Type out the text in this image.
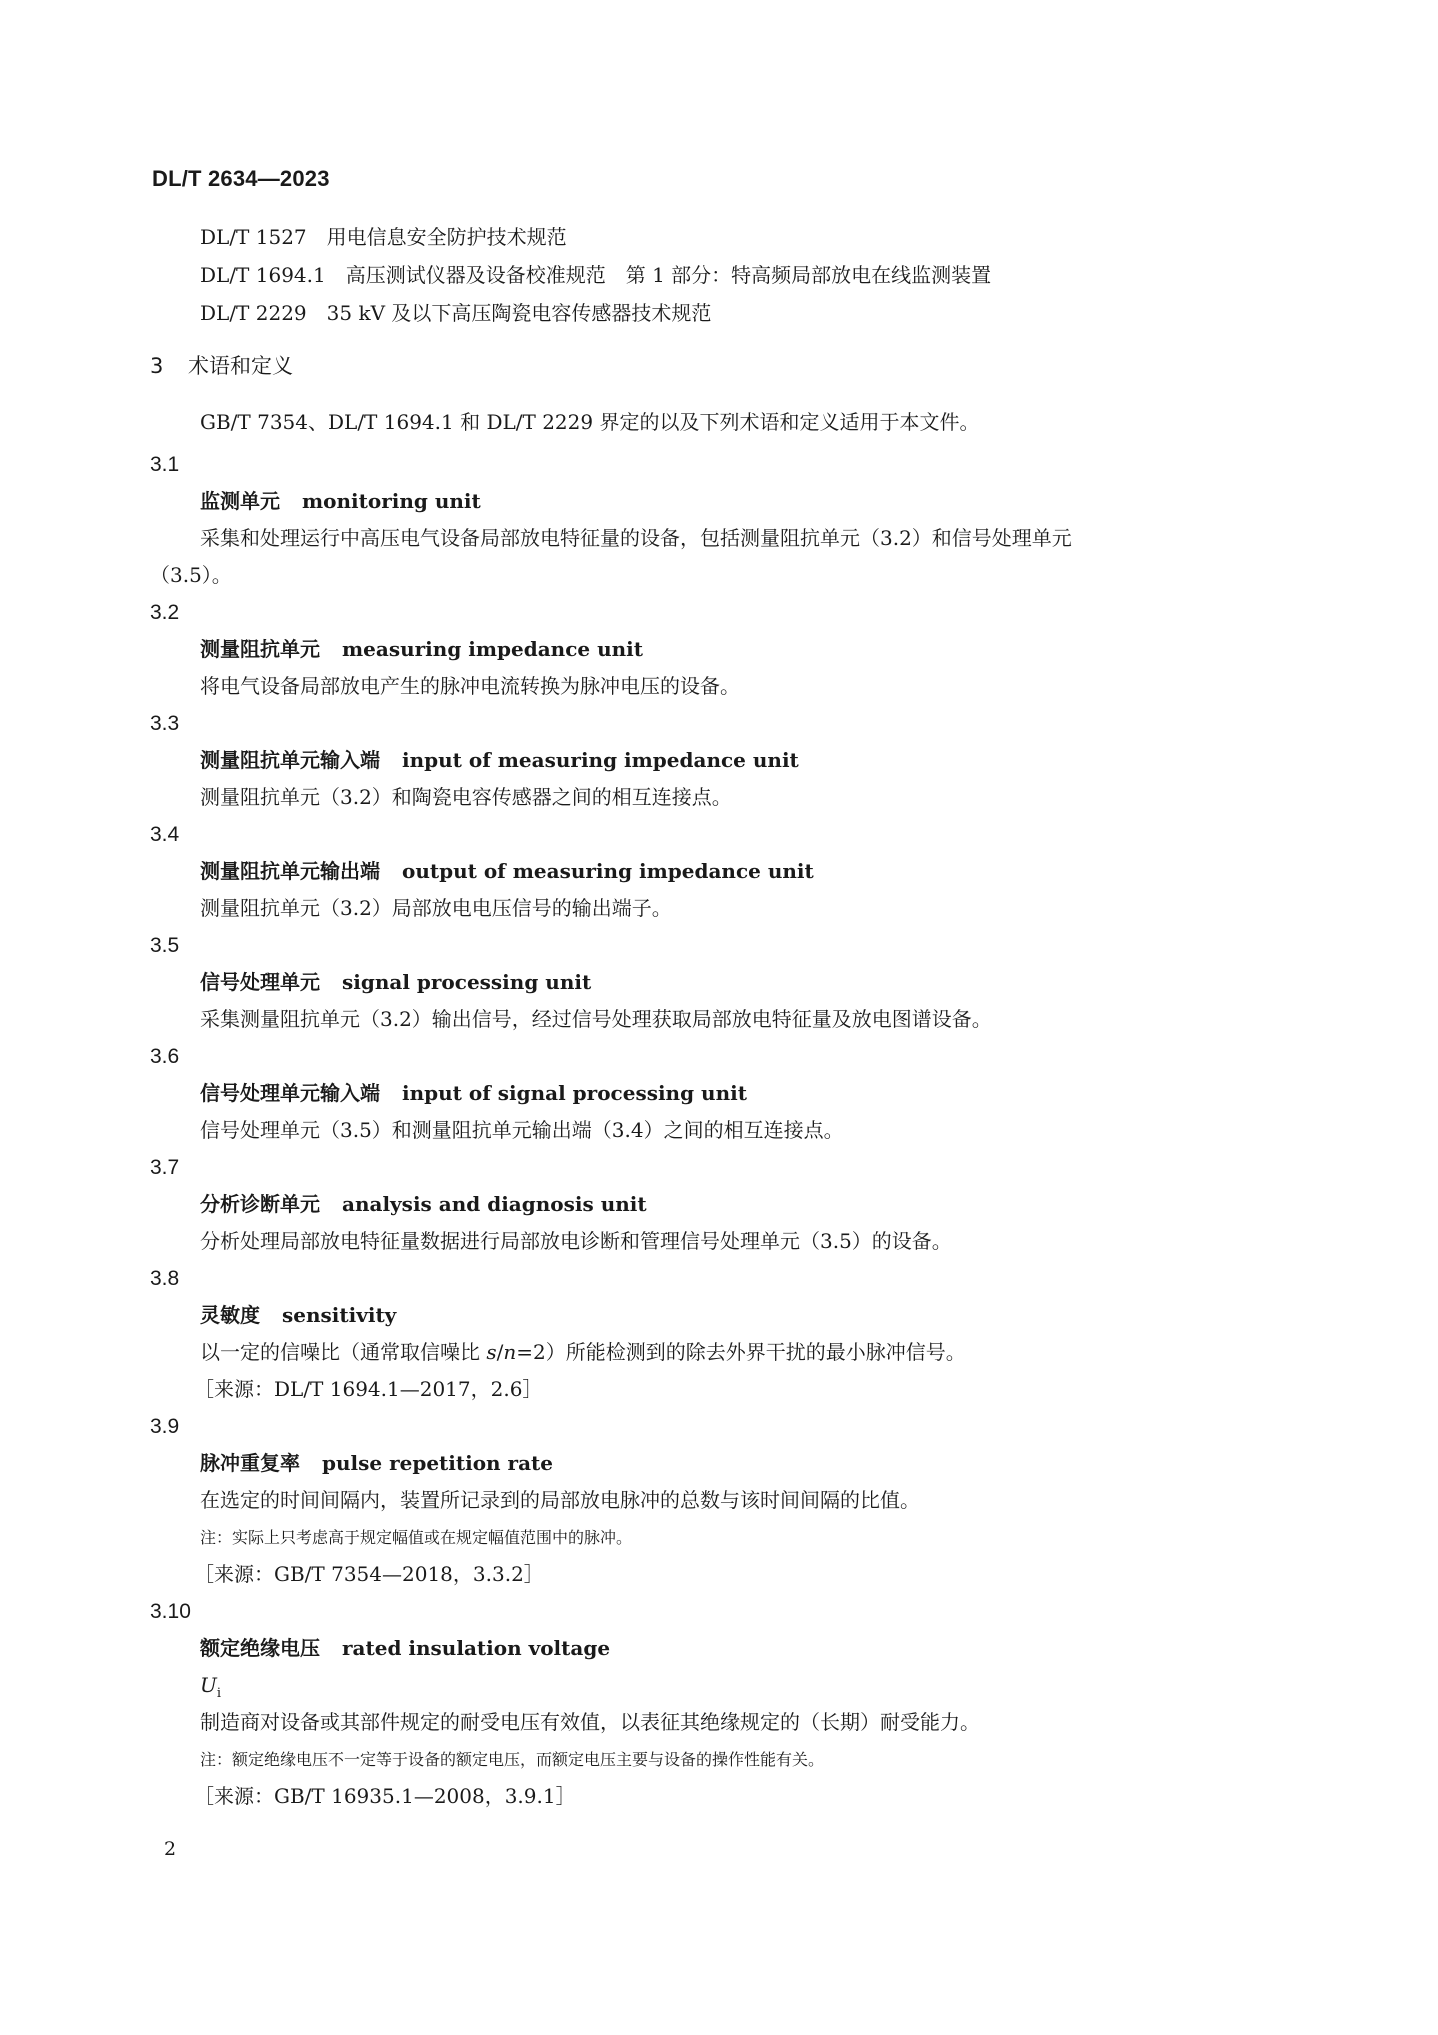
DL/T 2634—2023
DL/T 1527 用电信息安全防护技术规范
DL/T 1694.1 高压测试仪器及设备校准规范　第 1 部分：特高频局部放电在线监测装置
DL/T 2229 35 kV 及以下高压陶瓷电容传感器技术规范
3 术语和定义
GB/T 7354、DL/T 1694.1 和 DL/T 2229 界定的以及下列术语和定义适用于本文件。
3.1
监测单元 monitoring unit
采集和处理运行中高压电气设备局部放电特征量的设备，包括测量阻抗单元（3.2）和信号处理单元
（3.5）。
3.2
测量阻抗单元 measuring impedance unit
将电气设备局部放电产生的脉冲电流转换为脉冲电压的设备。
3.3
测量阻抗单元输入端 input of measuring impedance unit
测量阻抗单元（3.2）和陶瓷电容传感器之间的相互连接点。
3.4
测量阻抗单元输出端 output of measuring impedance unit
测量阻抗单元（3.2）局部放电电压信号的输出端子。
3.5
信号处理单元 signal processing unit
采集测量阻抗单元（3.2）输出信号，经过信号处理获取局部放电特征量及放电图谱设备。
3.6
信号处理单元输入端 input of signal processing unit
信号处理单元（3.5）和测量阻抗单元输出端（3.4）之间的相互连接点。
3.7
分析诊断单元 analysis and diagnosis unit
分析处理局部放电特征量数据进行局部放电诊断和管理信号处理单元（3.5）的设备。
3.8
灵敏度 sensitivity
以一定的信噪比（通常取信噪比 s/n=2）所能检测到的除去外界干扰的最小脉冲信号。
［来源：DL/T 1694.1—2017，2.6］
3.9
脉冲重复率 pulse repetition rate
在选定的时间间隔内，装置所记录到的局部放电脉冲的总数与该时间间隔的比值。
注：实际上只考虑高于规定幅值或在规定幅值范围中的脉冲。
［来源：GB/T 7354—2018，3.3.2］
3.10
额定绝缘电压 rated insulation voltage
$U_i$
制造商对设备或其部件规定的耐受电压有效值，以表征其绝缘规定的（长期）耐受能力。
注：额定绝缘电压不一定等于设备的额定电压，而额定电压主要与设备的操作性能有关。
［来源：GB/T 16935.1—2008，3.9.1］
2
